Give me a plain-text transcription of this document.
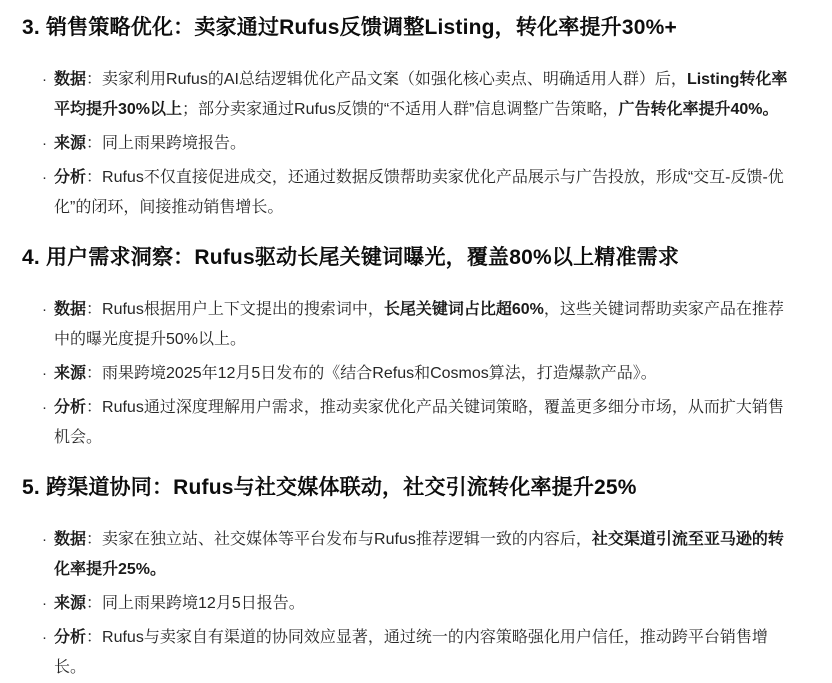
3. 销售策略优化：卖家通过Rufus反馈调整Listing，转化率提升30%+
· 数据：卖家利用Rufus的AI总结逻辑优化产品文案（如强化核心卖点、明确适用人群）后，Listing转化率平均提升30%以上；部分卖家通过Rufus反馈的“不适用人群”信息调整广告策略，广告转化率提升40%。
· 来源：同上雨果跨境报告。
· 分析：Rufus不仅直接促进成交，还通过数据反馈帮助卖家优化产品展示与广告投放，形成“交互-反馈-优化”的闭环，间接推动销售增长。
4. 用户需求洞察：Rufus驱动长尾关键词曝光，覆盖80%以上精准需求
· 数据：Rufus根据用户上下文提出的搜索词中，长尾关键词占比超60%，这些关键词帮助卖家产品在推荐中的曝光度提升50%以上。
· 来源：雨果跨境2025年12月5日发布的《结合Refus和Cosmos算法，打造爆款产品》。
· 分析：Rufus通过深度理解用户需求，推动卖家优化产品关键词策略，覆盖更多细分市场，从而扩大销售机会。
5. 跨渠道协同：Rufus与社交媒体联动，社交引流转化率提升25%
· 数据：卖家在独立站、社交媒体等平台发布与Rufus推荐逻辑一致的内容后，社交渠道引流至亚马逊的转化率提升25%。
· 来源：同上雨果跨境12月5日报告。
· 分析：Rufus与卖家自有渠道的协同效应显著，通过统一的内容策略强化用户信任，推动跨平台销售增长。
